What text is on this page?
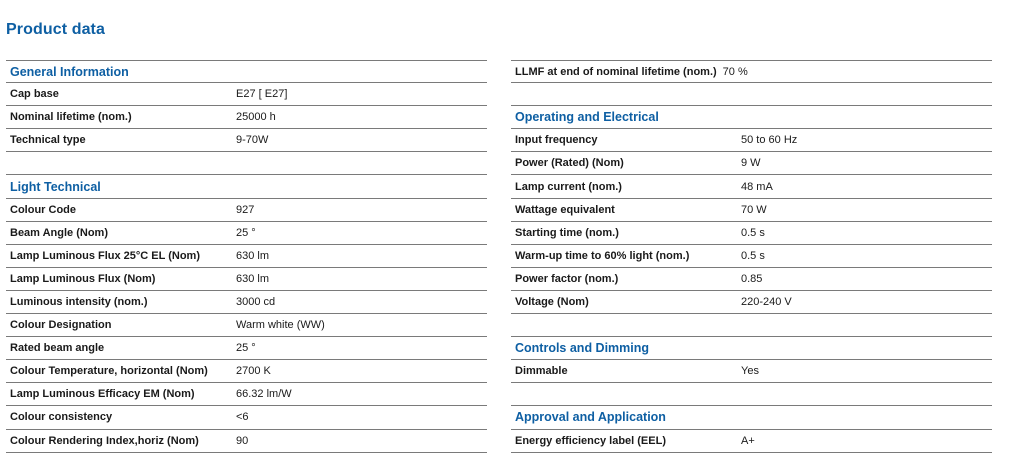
Product data
General Information
Cap base	E27 [ E27]
Nominal lifetime (nom.)	25000 h
Technical type	9-70W
Light Technical
Colour Code	927
Beam Angle (Nom)	25 °
Lamp Luminous Flux 25°C EL (Nom)	630 lm
Lamp Luminous Flux (Nom)	630 lm
Luminous intensity (nom.)	3000 cd
Colour Designation	Warm white (WW)
Rated beam angle	25 °
Colour Temperature, horizontal (Nom)	2700 K
Lamp Luminous Efficacy EM (Nom)	66.32 lm/W
Colour consistency	<6
Colour Rendering Index,horiz (Nom)	90
LLMF at end of nominal lifetime (nom.) 70 %
Operating and Electrical
Input frequency	50 to 60 Hz
Power (Rated) (Nom)	9 W
Lamp current (nom.)	48 mA
Wattage equivalent	70 W
Starting time (nom.)	0.5 s
Warm-up time to 60% light (nom.)	0.5 s
Power factor (nom.)	0.85
Voltage (Nom)	220-240 V
Controls and Dimming
Dimmable	Yes
Approval and Application
Energy efficiency label (EEL)	A+
